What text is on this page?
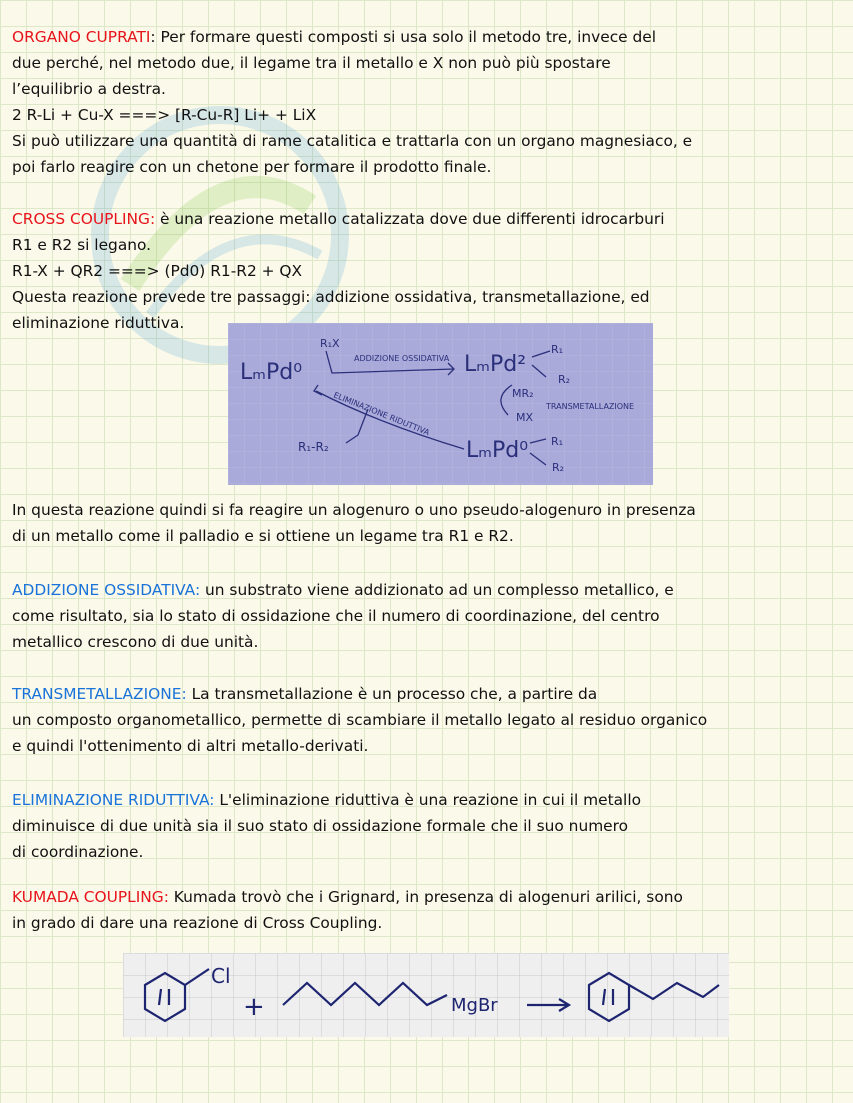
ORGANO CUPRATI: Per formare questi composti si usa solo il metodo tre, invece del
due perché, nel metodo due, il legame tra il metallo e X non può più spostare
l’equilibrio a destra.
2 R-Li + Cu-X ===> [R-Cu-R] Li+ + LiX
Si può utilizzare una quantità di rame catalitica e trattarla con un organo magnesiaco, e
poi farlo reagire con un chetone per formare il prodotto finale.
CROSS COUPLING: è una reazione metallo catalizzata dove due differenti idrocarburi
R1 e R2 si legano.
R1-X + QR2 ===> (Pd0) R1-R2 + QX
Questa reazione prevede tre passaggi: addizione ossidativa, transmetallazione, ed
eliminazione riduttiva.
LₘPd⁰	LₘPd²
LₘPd⁰
R₁X
ADDIZIONE OSSIDATIVA
ELIMINAZIONE RIDUTTIVA	TRANSMETALLAZIONE
R₁
R₂
R₁
R₂
MR₂
MX
R₁-R₂
In questa reazione quindi si fa reagire un alogenuro o uno pseudo-alogenuro in presenza
di un metallo come il palladio e si ottiene un legame tra R1 e R2.
ADDIZIONE OSSIDATIVA: un substrato viene addizionato ad un complesso metallico, e
come risultato, sia lo stato di ossidazione che il numero di coordinazione, del centro
metallico crescono di due unità.
TRANSMETALLAZIONE: La transmetallazione è un processo che, a partire da
un composto organometallico, permette di scambiare il metallo legato al residuo organico
e quindi l'ottenimento di altri metallo-derivati.
ELIMINAZIONE RIDUTTIVA: L'eliminazione riduttiva è una reazione in cui il metallo
diminuisce di due unità sia il suo stato di ossidazione formale che il suo numero
di coordinazione.
KUMADA COUPLING: Kumada trovò che i Grignard, in presenza di alogenuri arilici, sono
in grado di dare una reazione di Cross Coupling.
Cl
+	MgBr
